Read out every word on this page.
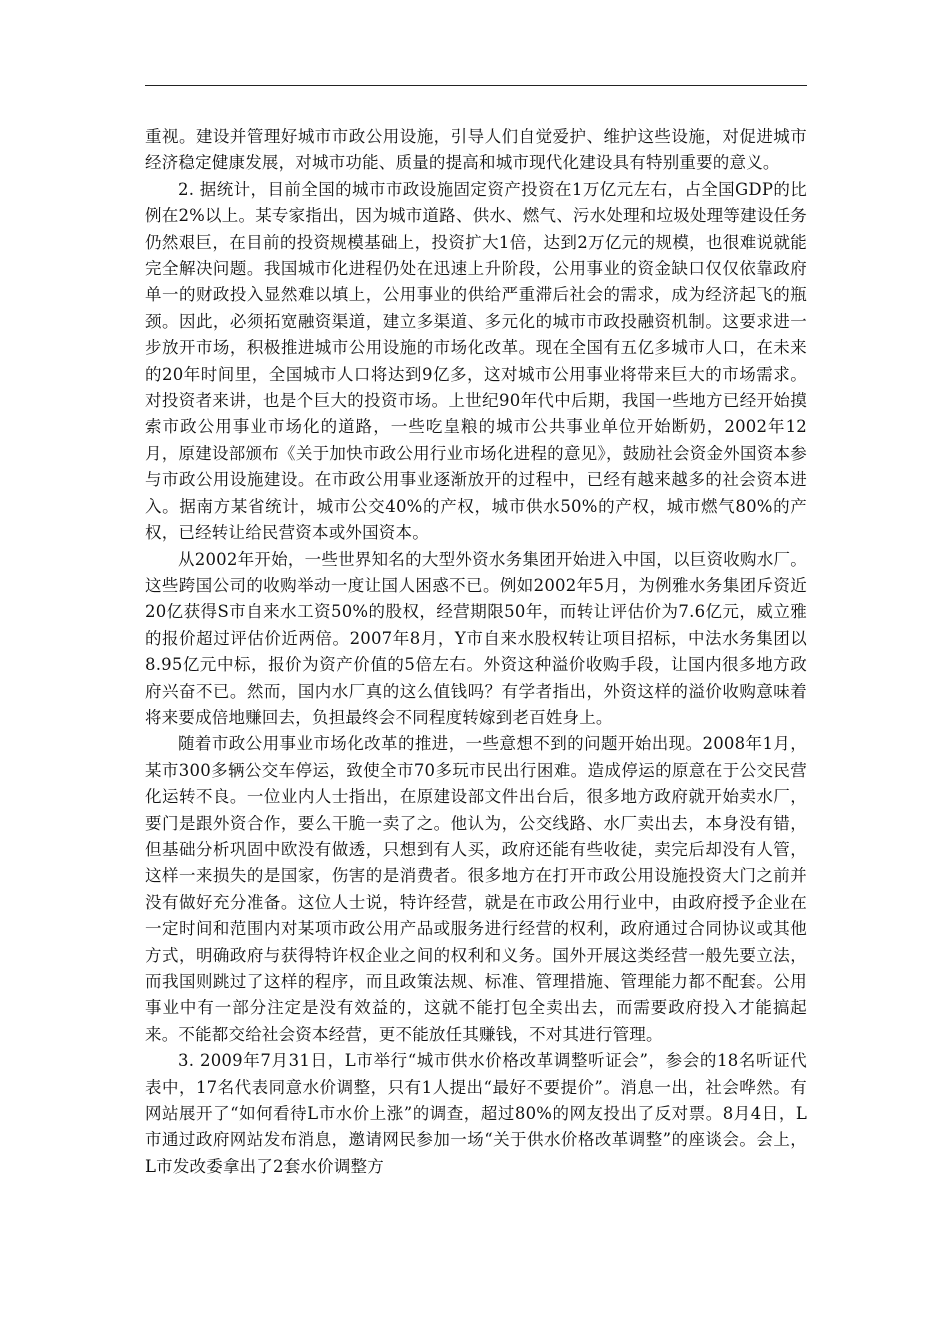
重视。建设并管理好城市市政公用设施，引导人们自觉爱护、维护这些设施，对促进城市经济稳定健康发展，对城市功能、质量的提高和城市现代化建设具有特别重要的意义。

2. 据统计，目前全国的城市市政设施固定资产投资在1万亿元左右，占全国GDP的比例在2%以上。某专家指出，因为城市道路、供水、燃气、污水处理和垃圾处理等建设任务仍然艰巨，在目前的投资规模基础上，投资扩大1倍，达到2万亿元的规模，也很难说就能完全解决问题。我国城市化进程仍处在迅速上升阶段，公用事业的资金缺口仅仅依靠政府单一的财政投入显然难以填上，公用事业的供给严重滞后社会的需求，成为经济起飞的瓶颈。因此，必须拓宽融资渠道，建立多渠道、多元化的城市市政投融资机制。这要求进一步放开市场，积极推进城市公用设施的市场化改革。现在全国有五亿多城市人口，在未来的20年时间里，全国城市人口将达到9亿多，这对城市公用事业将带来巨大的市场需求。对投资者来讲，也是个巨大的投资市场。上世纪90年代中后期，我国一些地方已经开始摸索市政公用事业市场化的道路，一些吃皇粮的城市公共事业单位开始断奶，2002年12月，原建设部颁布《关于加快市政公用行业市场化进程的意见》，鼓励社会资金外国资本参与市政公用设施建设。在市政公用事业逐渐放开的过程中，已经有越来越多的社会资本进入。据南方某省统计，城市公交40%的产权，城市供水50%的产权，城市燃气80%的产权，已经转让给民营资本或外国资本。

从2002年开始，一些世界知名的大型外资水务集团开始进入中国，以巨资收购水厂。这些跨国公司的收购举动一度让国人困惑不已。例如2002年5月，为例雅水务集团斥资近20亿获得S市自来水工资50%的股权，经营期限50年，而转让评估价为7.6亿元，威立雅的报价超过评估价近两倍。2007年8月，Y市自来水股权转让项目招标，中法水务集团以8.95亿元中标，报价为资产价值的5倍左右。外资这种溢价收购手段，让国内很多地方政府兴奋不已。然而，国内水厂真的这么值钱吗？有学者指出，外资这样的溢价收购意味着将来要成倍地赚回去，负担最终会不同程度转嫁到老百姓身上。

随着市政公用事业市场化改革的推进，一些意想不到的问题开始出现。2008年1月，某市300多辆公交车停运，致使全市70多玩市民出行困难。造成停运的原意在于公交民营化运转不良。一位业内人士指出，在原建设部文件出台后，很多地方政府就开始卖水厂，要门是跟外资合作，要么干脆一卖了之。他认为，公交线路、水厂卖出去，本身没有错，但基础分析巩固中欧没有做透，只想到有人买，政府还能有些收徒，卖完后却没有人管，这样一来损失的是国家，伤害的是消费者。很多地方在打开市政公用设施投资大门之前并没有做好充分准备。这位人士说，特许经营，就是在市政公用行业中，由政府授予企业在一定时间和范围内对某项市政公用产品或服务进行经营的权利，政府通过合同协议或其他方式，明确政府与获得特许权企业之间的权利和义务。国外开展这类经营一般先要立法，而我国则跳过了这样的程序，而且政策法规、标准、管理措施、管理能力都不配套。公用事业中有一部分注定是没有效益的，这就不能打包全卖出去，而需要政府投入才能搞起来。不能都交给社会资本经营，更不能放任其赚钱，不对其进行管理。

3. 2009年7月31日，L市举行“城市供水价格改革调整听证会”，参会的18名听证代表中，17名代表同意水价调整，只有1人提出“最好不要提价”。消息一出，社会哗然。有网站展开了“如何看待L市水价上涨”的调查，超过80%的网友投出了反对票。8月4日，L市通过政府网站发布消息，邀请网民参加一场“关于供水价格改革调整”的座谈会。会上，L市发改委拿出了2套水价调整方
